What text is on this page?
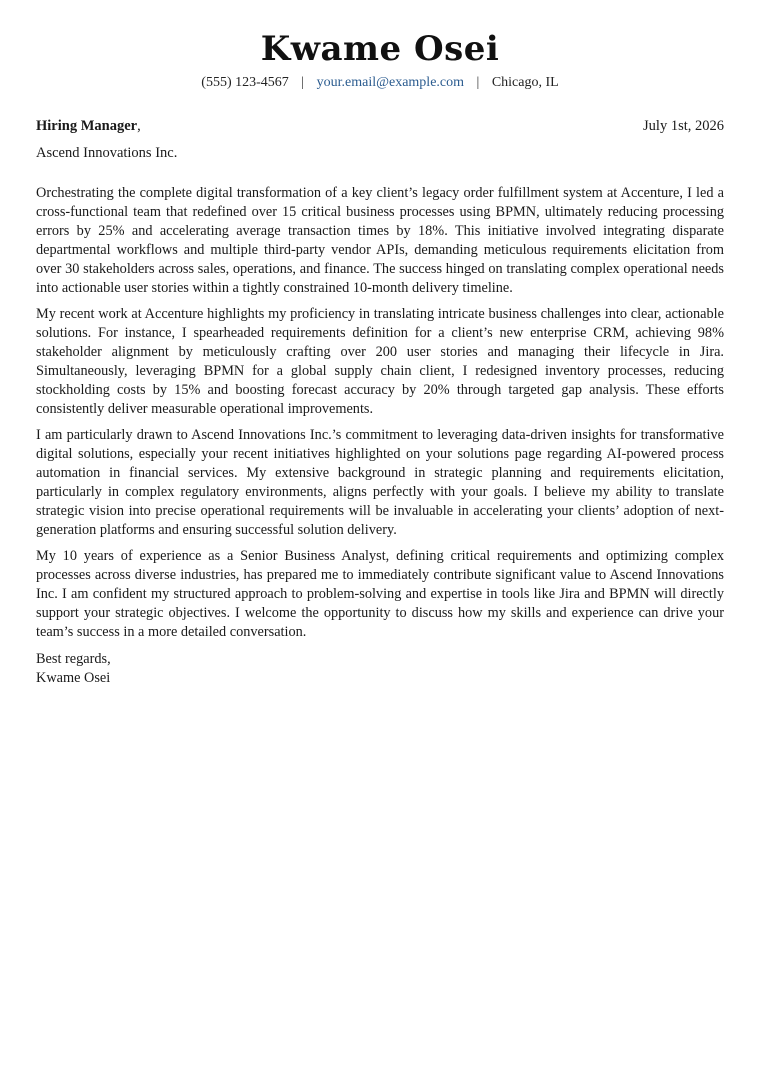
Kwame Osei
(555) 123-4567 | your.email@example.com | Chicago, IL
Hiring Manager,	July 1st, 2026
Ascend Innovations Inc.

Orchestrating the complete digital transformation of a key client’s legacy order fulfillment system at Accenture, I led a cross-functional team that redefined over 15 critical business processes using BPMN, ultimately reducing processing errors by 25% and accelerating average transaction times by 18%. This initiative involved integrating disparate departmental workflows and multiple third-party vendor APIs, demanding meticulous requirements elicitation from over 30 stakeholders across sales, operations, and finance. The success hinged on translating complex operational needs into actionable user stories within a tightly constrained 10-month delivery timeline.

My recent work at Accenture highlights my proficiency in translating intricate business challenges into clear, actionable solutions. For instance, I spearheaded requirements definition for a client’s new enterprise CRM, achieving 98% stakeholder alignment by meticulously crafting over 200 user stories and managing their lifecycle in Jira. Simultaneously, leveraging BPMN for a global supply chain client, I redesigned inventory processes, reducing stockholding costs by 15% and boosting forecast accuracy by 20% through targeted gap analysis. These efforts consistently deliver measurable operational improvements.

I am particularly drawn to Ascend Innovations Inc.’s commitment to leveraging data-driven insights for transformative digital solutions, especially your recent initiatives highlighted on your solutions page regarding AI-powered process automation in financial services. My extensive background in strategic planning and requirements elicitation, particularly in complex regulatory environments, aligns perfectly with your goals. I believe my ability to translate strategic vision into precise operational requirements will be invaluable in accelerating your clients’ adoption of next-generation platforms and ensuring successful solution delivery.

My 10 years of experience as a Senior Business Analyst, defining critical requirements and optimizing complex processes across diverse industries, has prepared me to immediately contribute significant value to Ascend Innovations Inc. I am confident my structured approach to problem-solving and expertise in tools like Jira and BPMN will directly support your strategic objectives. I welcome the opportunity to discuss how my skills and experience can drive your team’s success in a more detailed conversation.

Best regards,
Kwame Osei
